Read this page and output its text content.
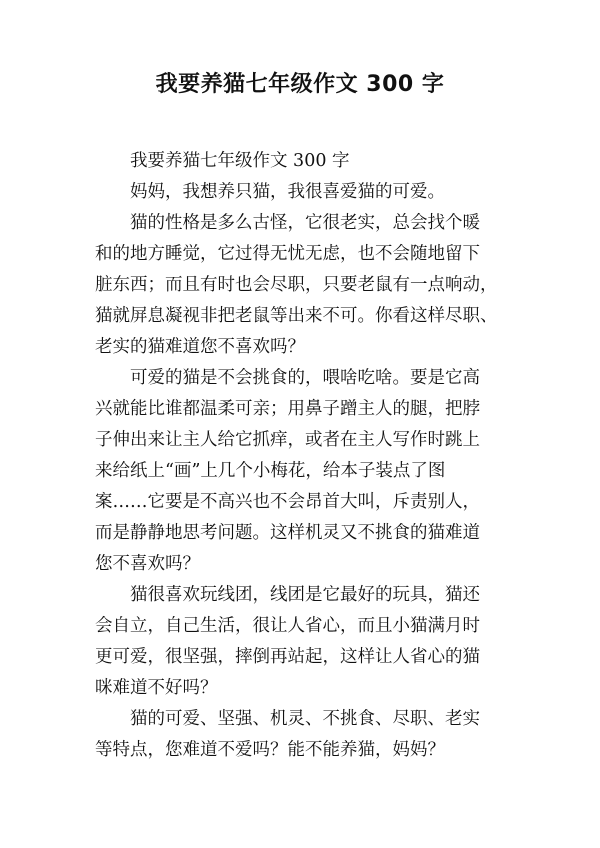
我要养猫七年级作文 300 字

我要养猫七年级作文 300 字

妈妈，我想养只猫，我很喜爱猫的可爱。

猫的性格是多么古怪，它很老实，总会找个暖
和的地方睡觉，它过得无忧无虑，也不会随地留下
脏东西；而且有时也会尽职，只要老鼠有一点响动，
猫就屏息凝视非把老鼠等出来不可。你看这样尽职、
老实的猫难道您不喜欢吗？

可爱的猫是不会挑食的，喂啥吃啥。要是它高
兴就能比谁都温柔可亲；用鼻子蹭主人的腿，把脖
子伸出来让主人给它抓痒，或者在主人写作时跳上
来给纸上“画”上几个小梅花，给本子装点了图
案……它要是不高兴也不会昂首大叫，斥责别人，
而是静静地思考问题。这样机灵又不挑食的猫难道
您不喜欢吗？

猫很喜欢玩线团，线团是它最好的玩具，猫还
会自立，自己生活，很让人省心，而且小猫满月时
更可爱，很坚强，摔倒再站起，这样让人省心的猫
咪难道不好吗？

猫的可爱、坚强、机灵、不挑食、尽职、老实
等特点，您难道不爱吗？能不能养猫，妈妈？
